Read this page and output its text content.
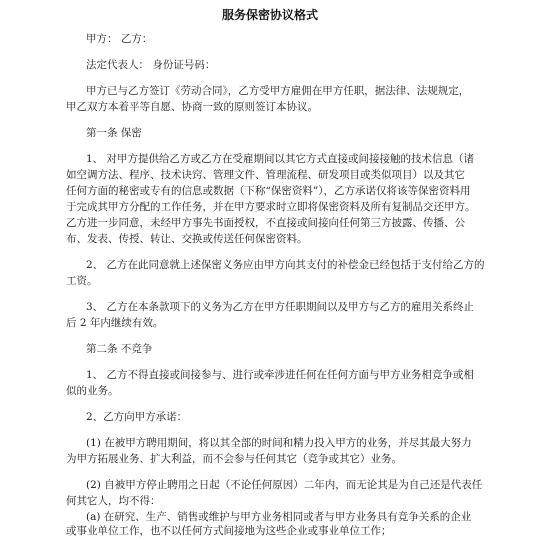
服务保密协议格式
甲方： 乙方：
法定代表人： 身份证号码：
甲方已与乙方签订《劳动合同》，乙方受甲方雇佣在甲方任职，据法律、法规规定，
甲乙双方本着平等自愿、协商一致的原则签订本协议。
第一条 保密
1、 对甲方提供给乙方或乙方在受雇期间以其它方式直接或间接接触的技术信息（诸
如空调方法、程序、技术诀窍、管理文件、管理流程、研发项目或类似项目）以及其它
任何方面的秘密或专有的信息或数据（下称“保密资料”），乙方承诺仅将该等保密资料用
于完成其甲方分配的工作任务，并在甲方要求时立即将保密资料及所有复制品交还甲方。
乙方进一步同意，未经甲方事先书面授权，不直接或间接向任何第三方披露、传播、公
布、发表、传授、转让、交换或传送任何保密资料。
2、 乙方在此同意就上述保密义务应由甲方向其支付的补偿金已经包括于支付给乙方的
工资。
3、 乙方在本条款项下的义务为乙方在甲方任职期间以及甲方与乙方的雇用关系终止
后 2 年内继续有效。
第二条 不竞争
1、 乙方不得直接或间接参与、进行或牵涉进任何在任何方面与甲方业务相竞争或相
似的业务。
2、乙方向甲方承诺：
(1) 在被甲方聘用期间，将以其全部的时间和精力投入甲方的业务，并尽其最大努力
为甲方拓展业务、扩大利益，而不会参与任何其它（竞争或其它）业务。
(2) 自被甲方停止聘用之日起（不论任何原因）二年内，而无论其是为自己还是代表任
何其它人，均不得：
(a) 在研究、生产、销售或维护与甲方业务相同或者与甲方业务具有竞争关系的企业
或事业单位工作，也不以任何方式间接地为这些企业或事业单位工作；
